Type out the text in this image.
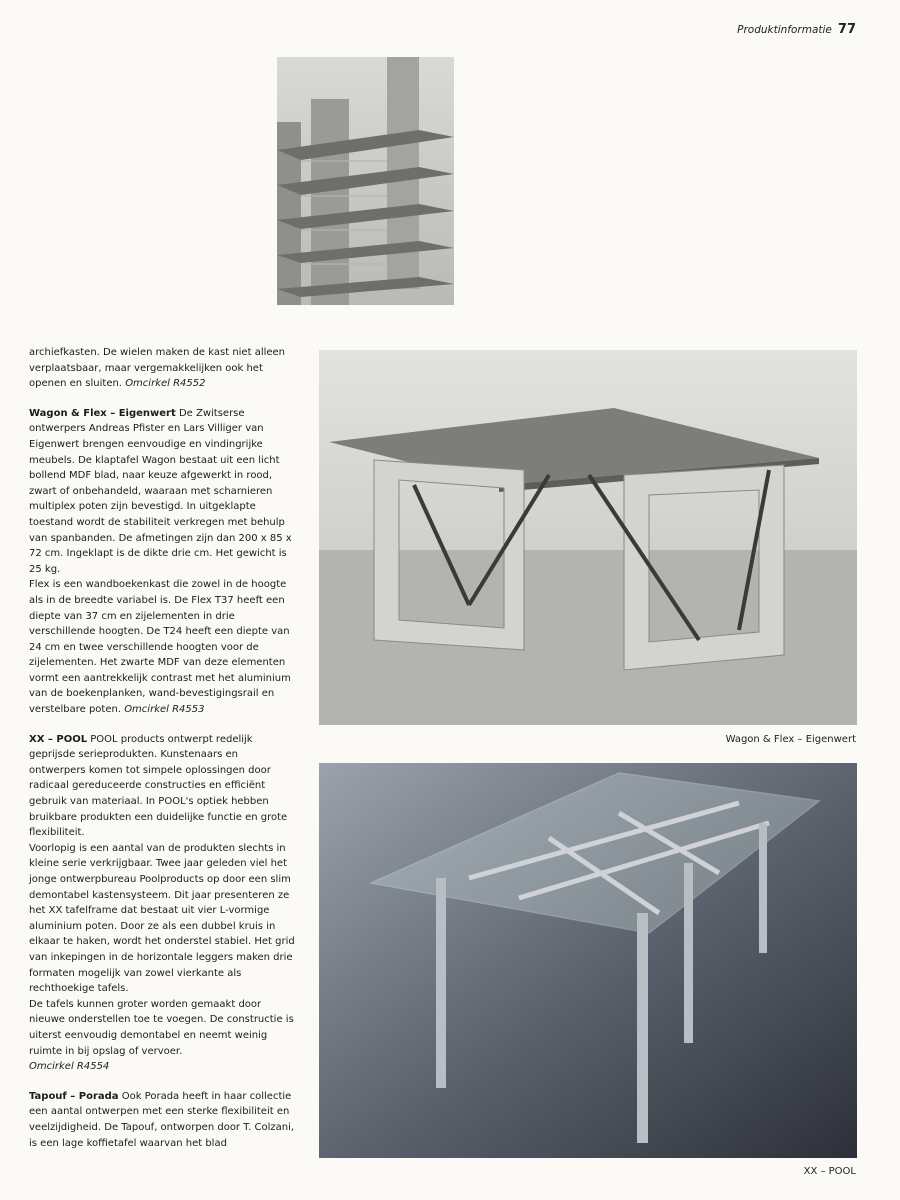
Produktinformatie 77
Wagon & Flex – Eigenwert
XX – POOL

archiefkasten. De wielen maken de kast niet alleen verplaatsbaar, maar vergemakkelijken ook het openen en sluiten. Omcirkel R4552

Wagon & Flex – Eigenwert De Zwitserse ontwerpers Andreas Pfister en Lars Villiger van Eigenwert brengen eenvoudige en vindingrijke meubels. De klaptafel Wagon bestaat uit een licht bollend MDF blad, naar keuze afgewerkt in rood, zwart of onbehandeld, waaraan met scharnieren multiplex poten zijn bevestigd. In uitgeklapte toestand wordt de stabiliteit verkregen met behulp van spanbanden. De afmetingen zijn dan 200 x 85 x 72 cm. Ingeklapt is de dikte drie cm. Het gewicht is 25 kg.

Flex is een wandboekenkast die zowel in de hoogte als in de breedte variabel is. De Flex T37 heeft een diepte van 37 cm en zijelementen in drie verschillende hoogten. De T24 heeft een diepte van 24 cm en twee verschillende hoogten voor de zijelementen. Het zwarte MDF van deze elementen vormt een aantrekkelijk contrast met het aluminium van de boekenplanken, wand-bevestigingsrail en verstelbare poten. Omcirkel R4553

XX – POOL POOL products ontwerpt redelijk geprijsde serieprodukten. Kunstenaars en ontwerpers komen tot simpele oplossingen door radicaal gereduceerde constructies en efficiënt gebruik van materiaal. In POOL's optiek hebben bruikbare produkten een duidelijke functie en grote flexibiliteit.

Voorlopig is een aantal van de produkten slechts in kleine serie verkrijgbaar. Twee jaar geleden viel het jonge ontwerpbureau Poolproducts op door een slim demontabel kastensysteem. Dit jaar presenteren ze het XX tafelframe dat bestaat uit vier L-vormige aluminium poten. Door ze als een dubbel kruis in elkaar te haken, wordt het onderstel stabiel. Het grid van inkepingen in de horizontale leggers maken drie formaten mogelijk van zowel vierkante als rechthoekige tafels.

De tafels kunnen groter worden gemaakt door nieuwe onderstellen toe te voegen. De constructie is uiterst eenvoudig demontabel en neemt weinig ruimte in bij opslag of vervoer.

Omcirkel R4554

Tapouf – Porada Ook Porada heeft in haar collectie een aantal ontwerpen met een sterke flexibiliteit en veelzijdigheid. De Tapouf, ontworpen door T. Colzani, is een lage koffietafel waarvan het blad
